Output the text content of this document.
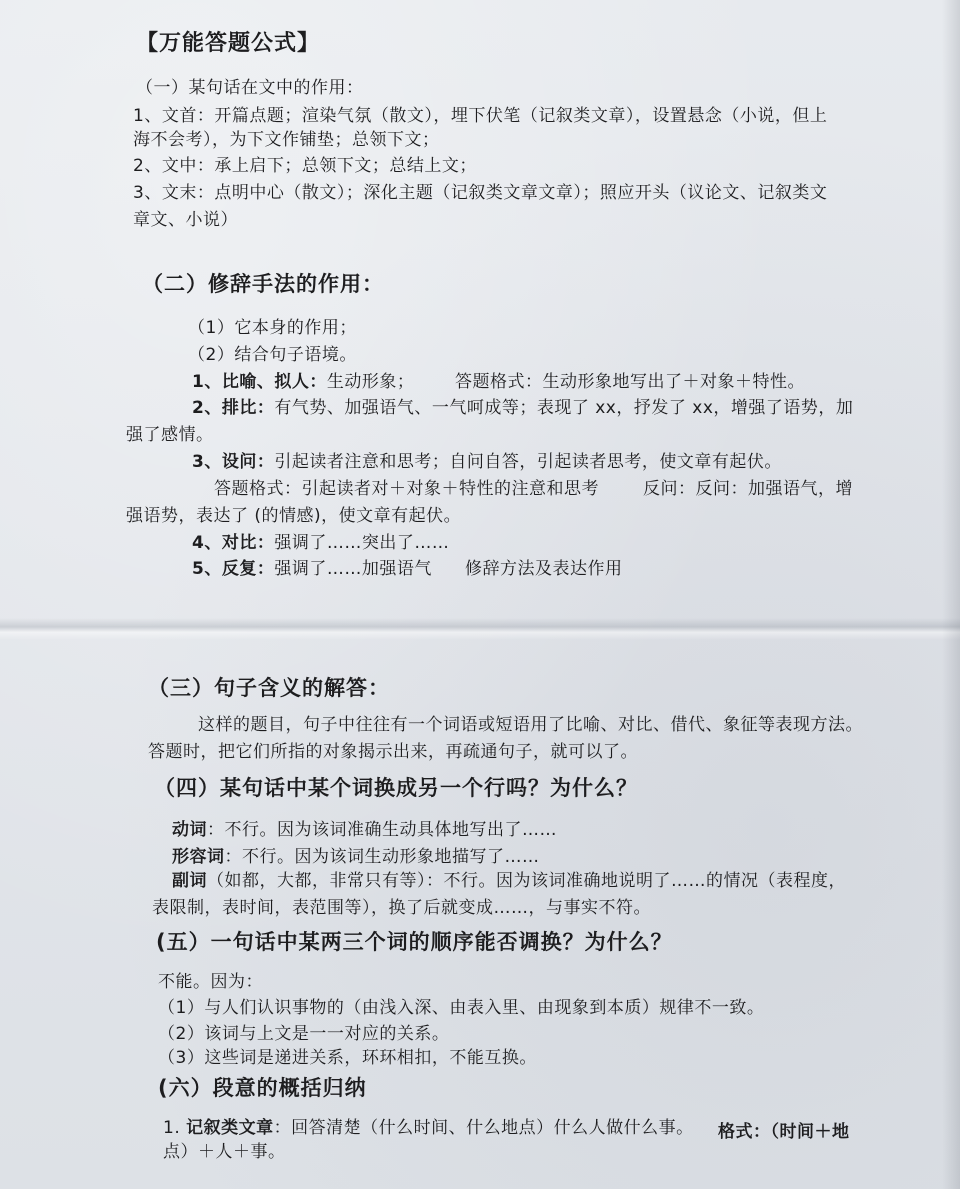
【万能答题公式】
（一）某句话在文中的作用：
1、文首：开篇点题；渲染气氛（散文），埋下伏笔（记叙类文章），设置悬念（小说，但上
海不会考），为下文作铺垫；总领下文；
2、文中：承上启下；总领下文；总结上文；
3、文末：点明中心（散文）；深化主题（记叙类文章文章）；照应开头（议论文、记叙类文
章文、小说）
（二）修辞手法的作用：
（1）它本身的作用；
（2）结合句子语境。
1、比喻、拟人：生动形象； 答题格式：生动形象地写出了＋对象＋特性。
2、排比：有气势、加强语气、一气呵成等；表现了 xx，抒发了 xx，增强了语势，加
强了感情。
3、设问：引起读者注意和思考；自问自答，引起读者思考，使文章有起伏。
答题格式：引起读者对＋对象＋特性的注意和思考	反问：反问：加强语气，增
强语势，表达了 (的情感)，使文章有起伏。
4、对比：强调了……突出了……
5、反复：强调了……加强语气 修辞方法及表达作用
（三）句子含义的解答：
这样的题目，句子中往往有一个词语或短语用了比喻、对比、借代、象征等表现方法。
答题时，把它们所指的对象揭示出来，再疏通句子，就可以了。
（四）某句话中某个词换成另一个行吗？为什么？
动词：不行。因为该词准确生动具体地写出了……
形容词：不行。因为该词生动形象地描写了……
副词（如都，大都，非常只有等）：不行。因为该词准确地说明了……的情况（表程度，
表限制，表时间，表范围等），换了后就变成……，与事实不符。
(五）一句话中某两三个词的顺序能否调换？为什么？
不能。因为：
（1）与人们认识事物的（由浅入深、由表入里、由现象到本质）规律不一致。
（2）该词与上文是一一对应的关系。
（3）这些词是递进关系，环环相扣，不能互换。
(六）段意的概括归纳
1. 记叙类文章：回答清楚（什么时间、什么地点）什么人做什么事。 格式：（时间＋地
点）＋人＋事。
